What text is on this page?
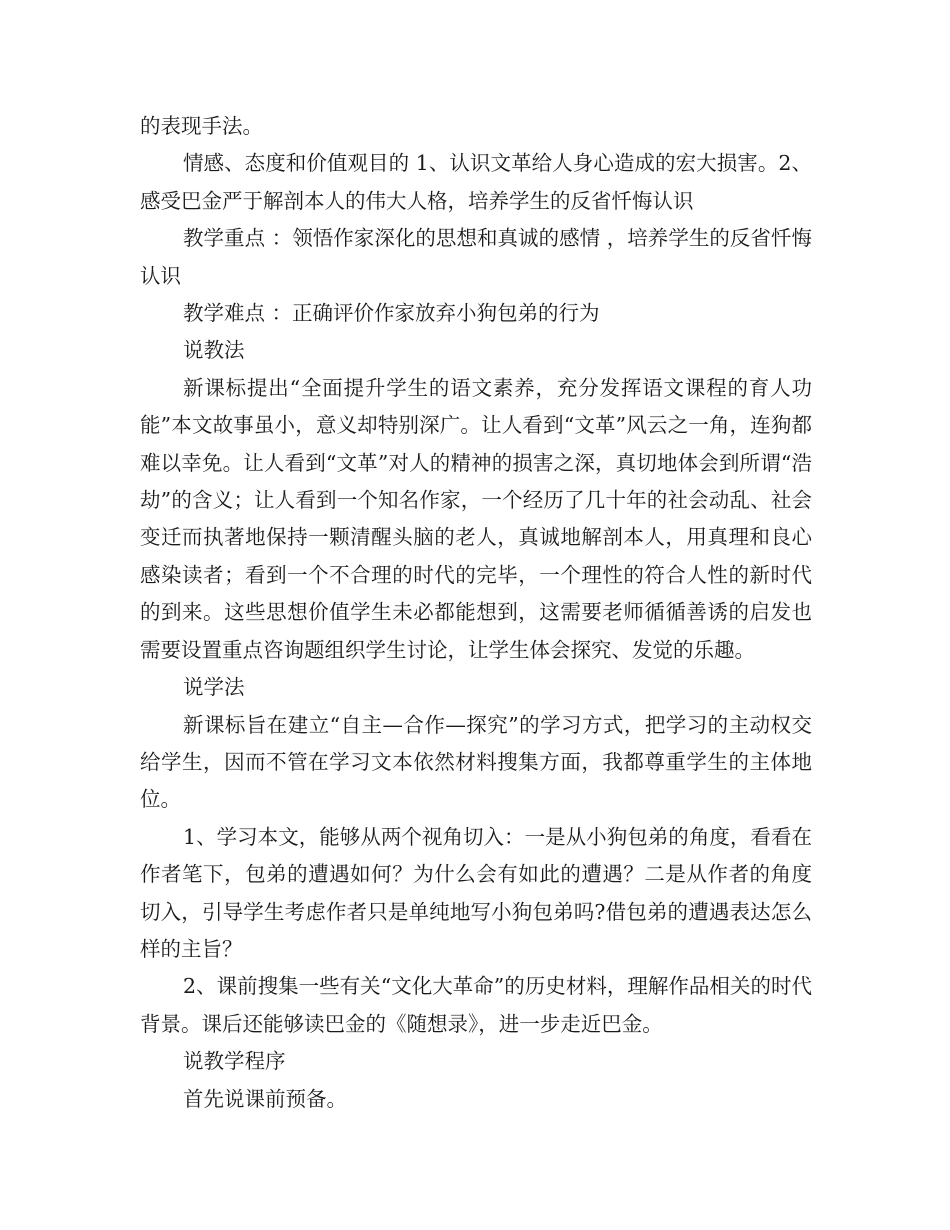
的表现手法。

情感、态度和价值观目的 1、认识文革给人身心造成的宏大损害。2、感受巴金严于解剖本人的伟大人格，培养学生的反省忏悔认识

教学重点 ：领悟作家深化的思想和真诚的感情 ，培养学生的反省忏悔认识

教学难点 ：正确评价作家放弃小狗包弟的行为

说教法

新课标提出“全面提升学生的语文素养，充分发挥语文课程的育人功能”本文故事虽小，意义却特别深广。让人看到“文革”风云之一角，连狗都难以幸免。让人看到“文革”对人的精神的损害之深，真切地体会到所谓“浩劫”的含义；让人看到一个知名作家，一个经历了几十年的社会动乱、社会变迁而执著地保持一颗清醒头脑的老人，真诚地解剖本人，用真理和良心感染读者；看到一个不合理的时代的完毕，一个理性的符合人性的新时代的到来。这些思想价值学生未必都能想到，这需要老师循循善诱的启发也需要设置重点咨询题组织学生讨论，让学生体会探究、发觉的乐趣。

说学法

新课标旨在建立“自主—合作—探究”的学习方式，把学习的主动权交给学生，因而不管在学习文本依然材料搜集方面，我都尊重学生的主体地位。

1、学习本文，能够从两个视角切入：一是从小狗包弟的角度，看看在作者笔下，包弟的遭遇如何？为什么会有如此的遭遇？二是从作者的角度切入，引导学生考虑作者只是单纯地写小狗包弟吗?借包弟的遭遇表达怎么样的主旨？

2、课前搜集一些有关“文化大革命”的历史材料，理解作品相关的时代背景。课后还能够读巴金的《随想录》，进一步走近巴金。

说教学程序

首先说课前预备。
